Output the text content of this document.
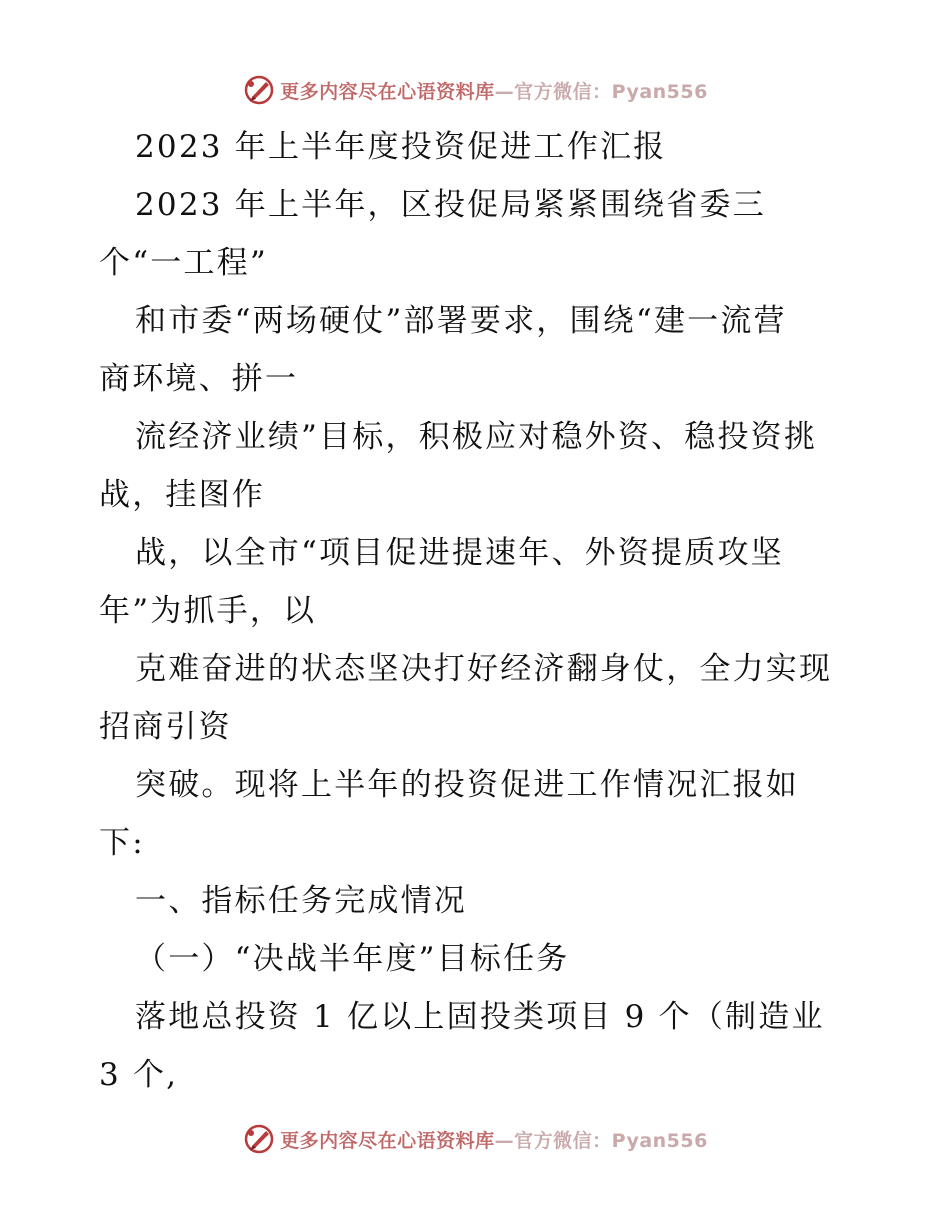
更多内容尽在心语资料库—官方微信：Pyan556
2023 年上半年度投资促进工作汇报
2023 年上半年，区投促局紧紧围绕省委三
个“一工程”
和市委“两场硬仗”部署要求，围绕“建一流营
商环境、拼一
流经济业绩”目标，积极应对稳外资、稳投资挑
战，挂图作
战，以全市“项目促进提速年、外资提质攻坚
年”为抓手，以
克难奋进的状态坚决打好经济翻身仗，全力实现
招商引资
突破。现将上半年的投资促进工作情况汇报如
下:
一、指标任务完成情况
（一）“决战半年度”目标任务
落地总投资 1 亿以上固投类项目 9 个（制造业
3 个,
更多内容尽在心语资料库—官方微信：Pyan556
